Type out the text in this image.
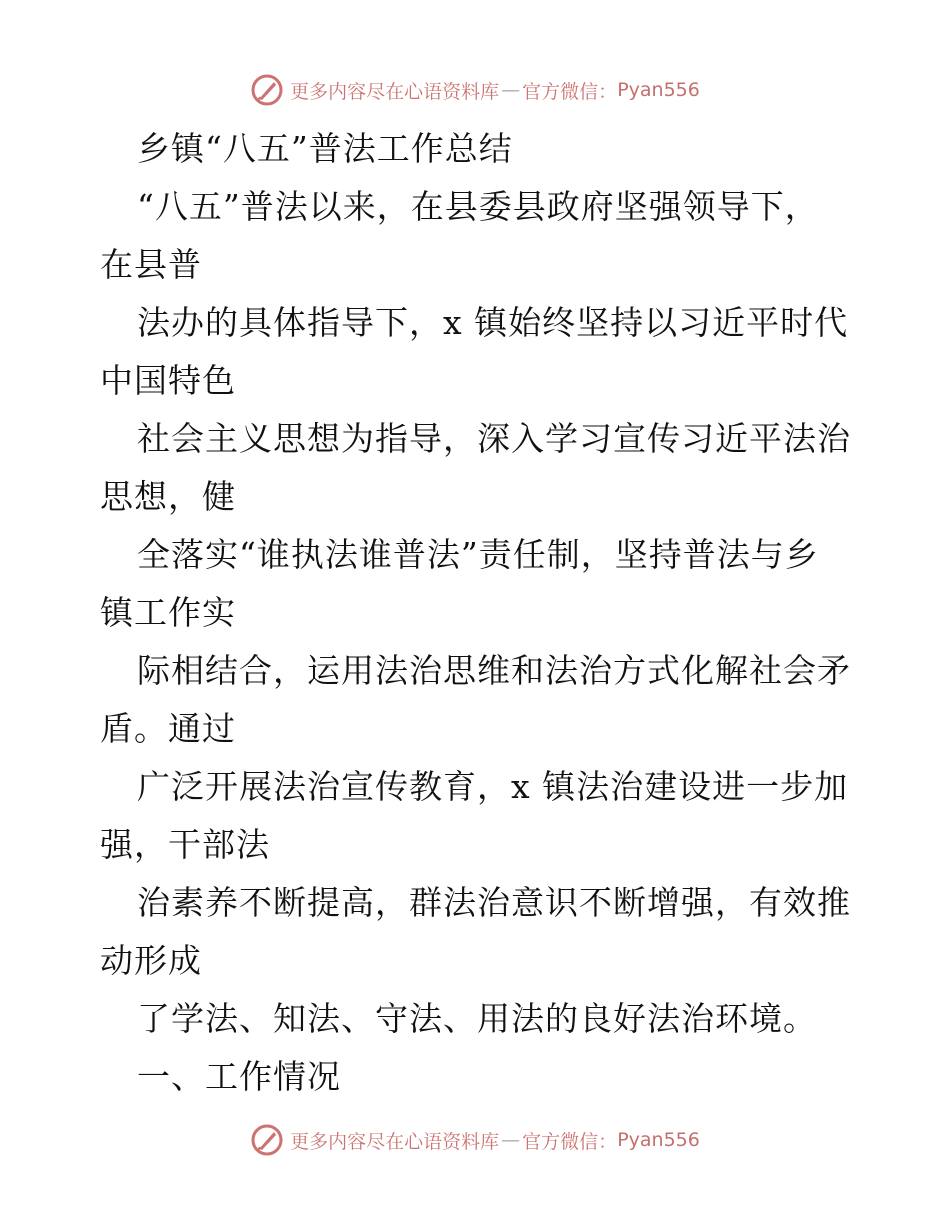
更多内容尽在心语资料库 — 官方微信： Pyan556
乡镇“八五”普法工作总结
“八五”普法以来，在县委县政府坚强领导下，
在县普
法办的具体指导下，x 镇始终坚持以习近平时代
中国特色
社会主义思想为指导，深入学习宣传习近平法治
思想，健
全落实“谁执法谁普法”责任制，坚持普法与乡
镇工作实
际相结合，运用法治思维和法治方式化解社会矛
盾。通过
广泛开展法治宣传教育，x 镇法治建设进一步加
强，干部法
治素养不断提高，群法治意识不断增强，有效推
动形成
了学法、知法、守法、用法的良好法治环境。
一、工作情况
更多内容尽在心语资料库 — 官方微信： Pyan556
